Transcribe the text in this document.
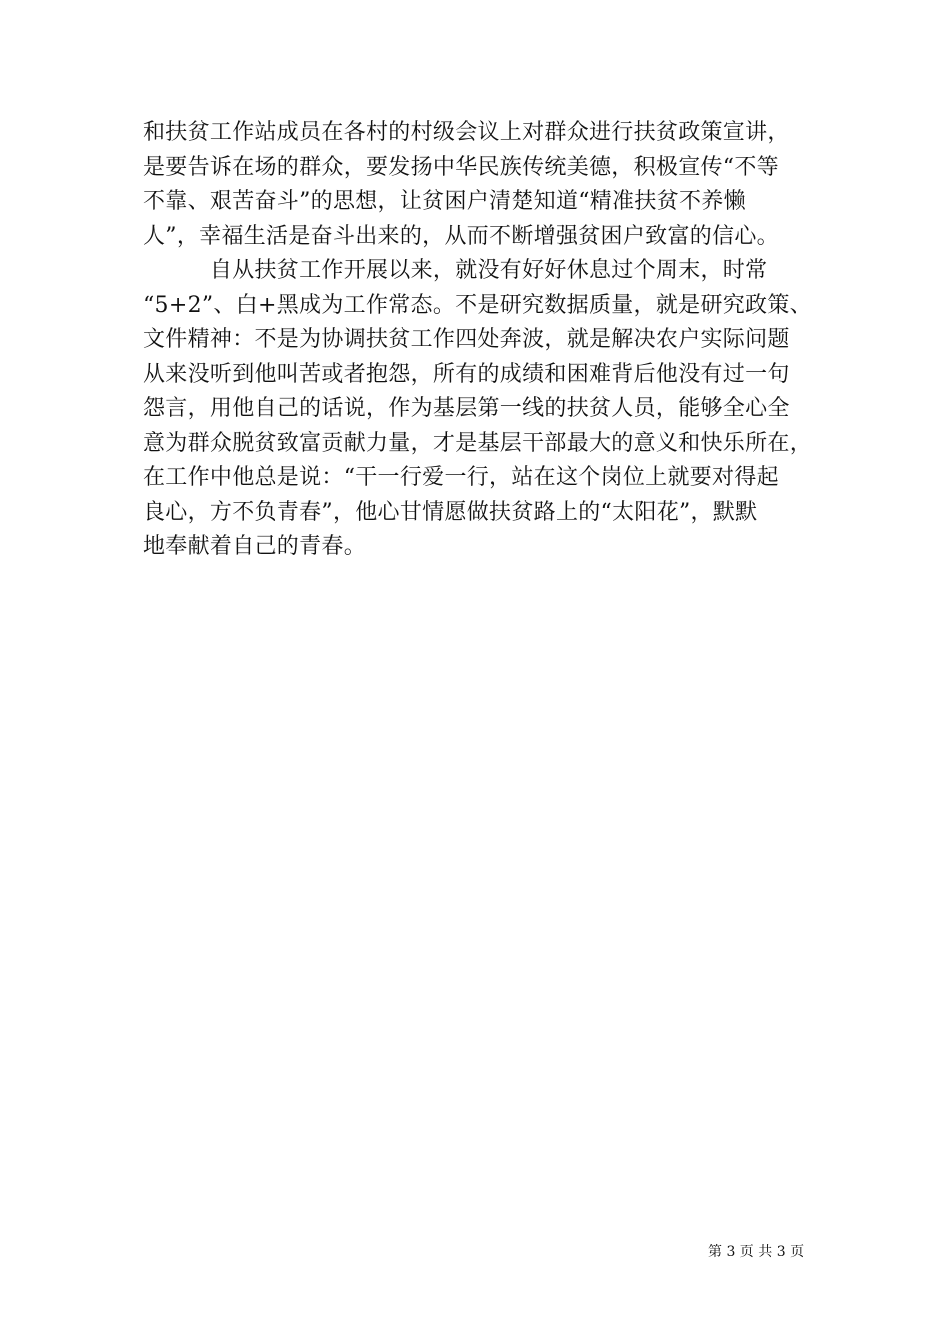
和扶贫工作站成员在各村的村级会议上对群众进行扶贫政策宣讲，
是要告诉在场的群众，要发扬中华民族传统美德，积极宣传“不等
不靠、艰苦奋斗”的思想，让贫困户清楚知道“精准扶贫不养懒
人”，幸福生活是奋斗出来的，从而不断增强贫困户致富的信心。
　　　自从扶贫工作开展以来，就没有好好休息过个周末，时常
“5+2”、白+黑成为工作常态。不是研究数据质量，就是研究政策、
文件精神：不是为协调扶贫工作四处奔波，就是解决农户实际问题
从来没听到他叫苦或者抱怨，所有的成绩和困难背后他没有过一句
怨言，用他自己的话说，作为基层第一线的扶贫人员，能够全心全
意为群众脱贫致富贡献力量，才是基层干部最大的意义和快乐所在，
在工作中他总是说：“干一行爱一行，站在这个岗位上就要对得起
良心，方不负青春”，他心甘情愿做扶贫路上的“太阳花”，默默
地奉献着自己的青春。
第 3 页 共 3 页
